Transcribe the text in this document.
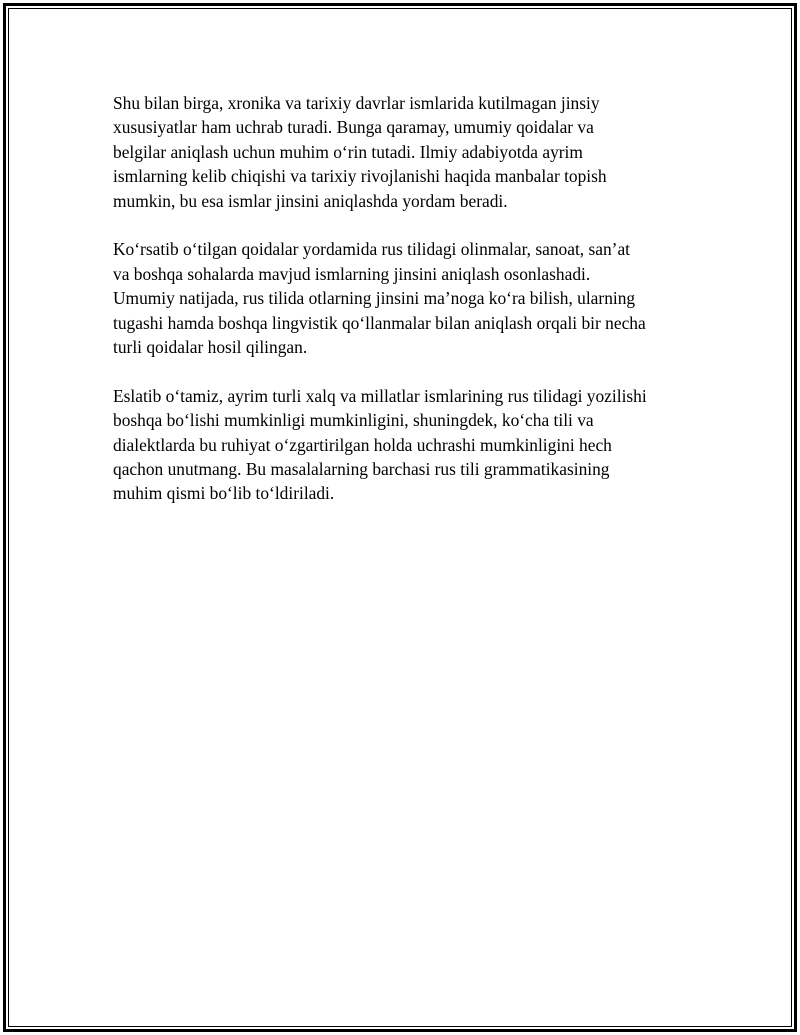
Shu bilan birga, xronika va tarixiy davrlar ismlarida kutilmagan jinsiy
xususiyatlar ham uchrab turadi. Bunga qaramay, umumiy qoidalar va
belgilar aniqlash uchun muhim oʻrin tutadi. Ilmiy adabiyotda ayrim
ismlarning kelib chiqishi va tarixiy rivojlanishi haqida manbalar topish
mumkin, bu esa ismlar jinsini aniqlashda yordam beradi.

Koʻrsatib oʻtilgan qoidalar yordamida rus tilidagi olinmalar, sanoat, san’at
va boshqa sohalarda mavjud ismlarning jinsini aniqlash osonlashadi.
Umumiy natijada, rus tilida otlarning jinsini ma’noga koʻra bilish, ularning
tugashi hamda boshqa lingvistik qoʻllanmalar bilan aniqlash orqali bir necha
turli qoidalar hosil qilingan.

Eslatib oʻtamiz, ayrim turli xalq va millatlar ismlarining rus tilidagi yozilishi
boshqa boʻlishi mumkinligi mumkinligini, shuningdek, koʻcha tili va
dialektlarda bu ruhiyat oʻzgartirilgan holda uchrashi mumkinligini hech
qachon unutmang. Bu masalalarning barchasi rus tili grammatikasining
muhim qismi boʻlib toʻldiriladi.
